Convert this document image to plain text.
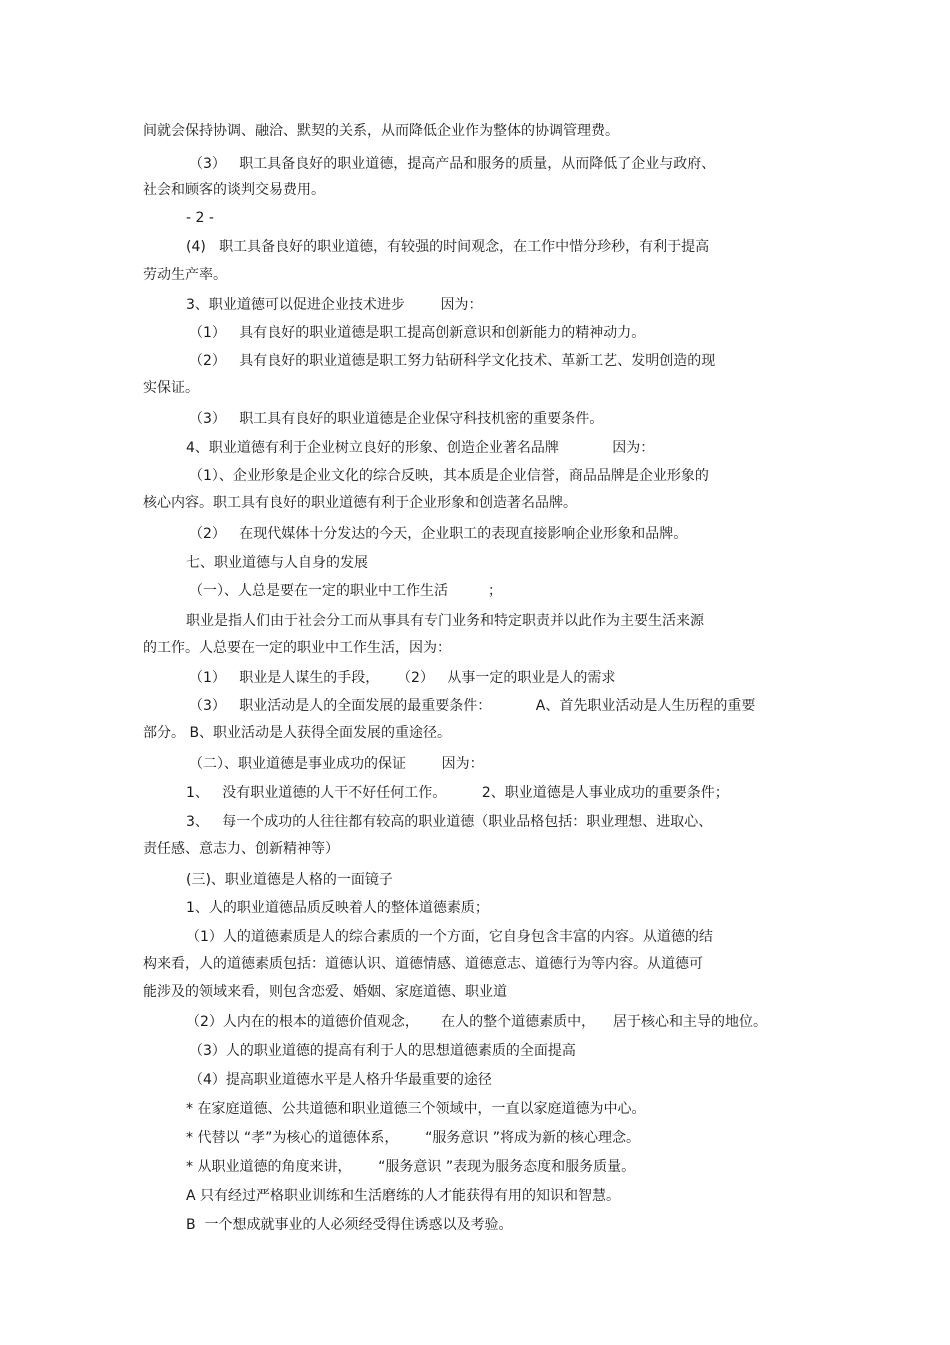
间就会保持协调、融洽、默契的关系，从而降低企业作为整体的协调管理费。
（3）   职工具备良好的职业道德，提高产品和服务的质量，从而降低了企业与政府、
社会和顾客的谈判交易费用。
- 2 -
(4)   职工具备良好的职业道德，有较强的时间观念，在工作中惜分珍秒，有利于提高
劳动生产率。
3、职业道德可以促进企业技术进步        因为：
（1）   具有良好的职业道德是职工提高创新意识和创新能力的精神动力。
（2）   具有良好的职业道德是职工努力钻研科学文化技术、革新工艺、发明创造的现
实保证。
（3）   职工具有良好的职业道德是企业保守科技机密的重要条件。
4、职业道德有利于企业树立良好的形象、创造企业著名品牌            因为：
（1）、企业形象是企业文化的综合反映，其本质是企业信誉，商品品牌是企业形象的
核心内容。职工具有良好的职业道德有利于企业形象和创造著名品牌。
（2）   在现代媒体十分发达的今天，企业职工的表现直接影响企业形象和品牌。
七、职业道德与人自身的发展
（一）、人总是要在一定的职业中工作生活         ；
职业是指人们由于社会分工而从事具有专门业务和特定职责并以此作为主要生活来源
的工作。人总要在一定的职业中工作生活，因为：
（1）   职业是人谋生的手段，    （2）   从事一定的职业是人的需求
（3）   职业活动是人的全面发展的最重要条件：          A、首先职业活动是人生历程的重要
部分。 B、职业活动是人获得全面发展的重途径。
（二）、职业道德是事业成功的保证        因为：
1、   没有职业道德的人干不好任何工作。        2、职业道德是人事业成功的重要条件；
3、   每一个成功的人往往都有较高的职业道德（职业品格包括：职业理想、进取心、
责任感、意志力、创新精神等）
(三)、职业道德是人格的一面镜子
1、人的职业道德品质反映着人的整体道德素质；
（1）人的道德素质是人的综合素质的一个方面，它自身包含丰富的内容。从道德的结
构来看，人的道德素质包括：道德认识、道德情感、道德意志、道德行为等内容。从道德可
能涉及的领域来看，则包含恋爱、婚姻、家庭道德、职业道
（2）人内在的根本的道德价值观念，     在人的整个道德素质中，    居于核心和主导的地位。
（3）人的职业道德的提高有利于人的思想道德素质的全面提高
（4）提高职业道德水平是人格升华最重要的途径
* 在家庭道德、公共道德和职业道德三个领域中，一直以家庭道德为中心。
* 代替以 “孝”为核心的道德体系，      “服务意识 ”将成为新的核心理念。
* 从职业道德的角度来讲，      “服务意识 ”表现为服务态度和服务质量。
A 只有经过严格职业训练和生活磨练的人才能获得有用的知识和智慧。
B  一个想成就事业的人必须经受得住诱惑以及考验。
